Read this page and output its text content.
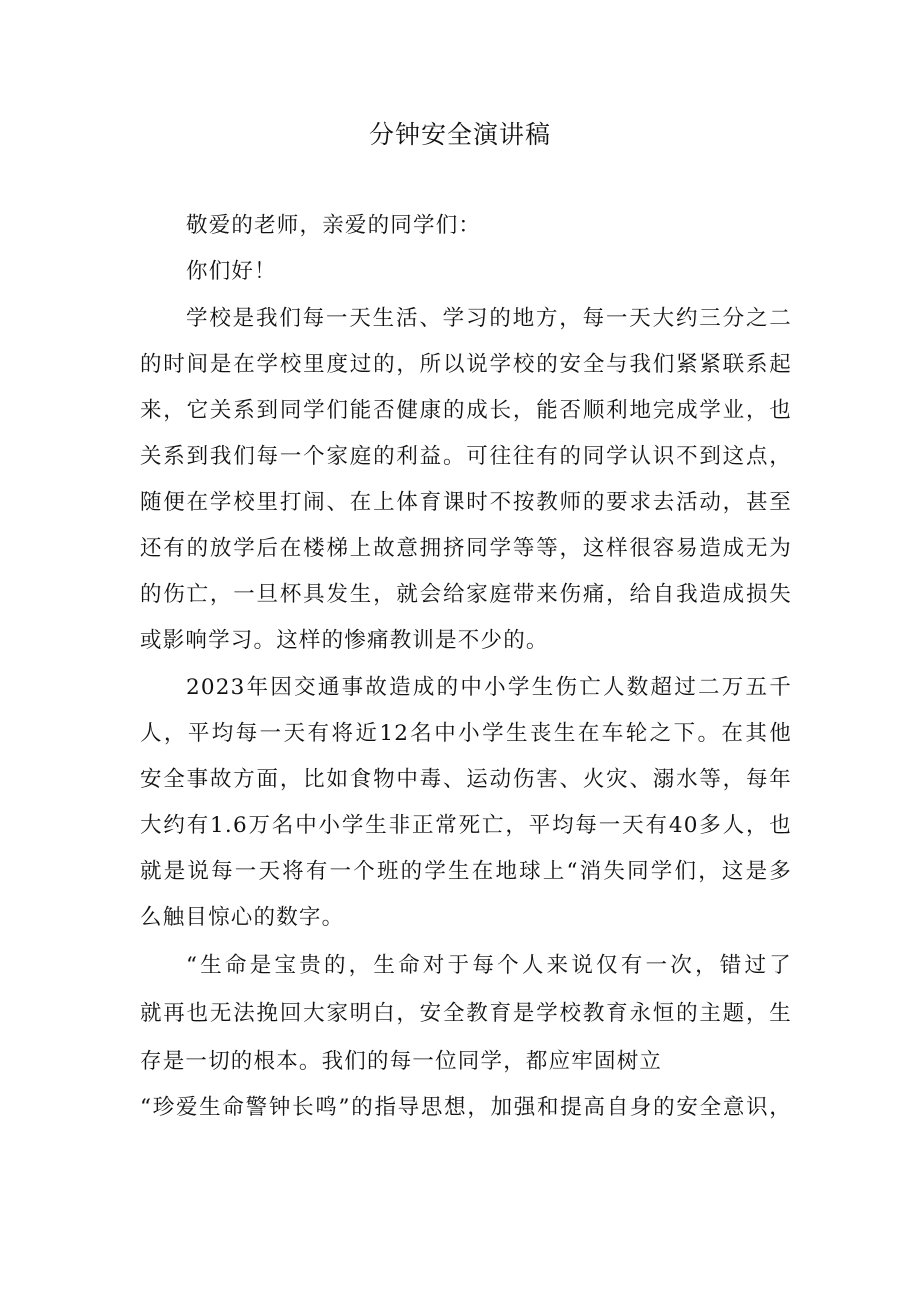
分钟安全演讲稿

敬爱的老师，亲爱的同学们：

你们好！

学校是我们每一天生活、学习的地方，每一天大约三分之二

的时间是在学校里度过的，所以说学校的安全与我们紧紧联系起

来，它关系到同学们能否健康的成长，能否顺利地完成学业，也

关系到我们每一个家庭的利益。可往往有的同学认识不到这点，

随便在学校里打闹、在上体育课时不按教师的要求去活动，甚至

还有的放学后在楼梯上故意拥挤同学等等，这样很容易造成无为

的伤亡，一旦杯具发生，就会给家庭带来伤痛，给自我造成损失

或影响学习。这样的惨痛教训是不少的。

2023年因交通事故造成的中小学生伤亡人数超过二万五千

人，平均每一天有将近12名中小学生丧生在车轮之下。在其他

安全事故方面，比如食物中毒、运动伤害、火灾、溺水等，每年

大约有1.6万名中小学生非正常死亡，平均每一天有40多人，也

就是说每一天将有一个班的学生在地球上“消失同学们，这是多

么触目惊心的数字。

“生命是宝贵的，生命对于每个人来说仅有一次，错过了

就再也无法挽回大家明白，安全教育是学校教育永恒的主题，生

存是一切的根本。我们的每一位同学，都应牢固树立

“珍爱生命警钟长鸣”的指导思想，加强和提高自身的安全意识，
